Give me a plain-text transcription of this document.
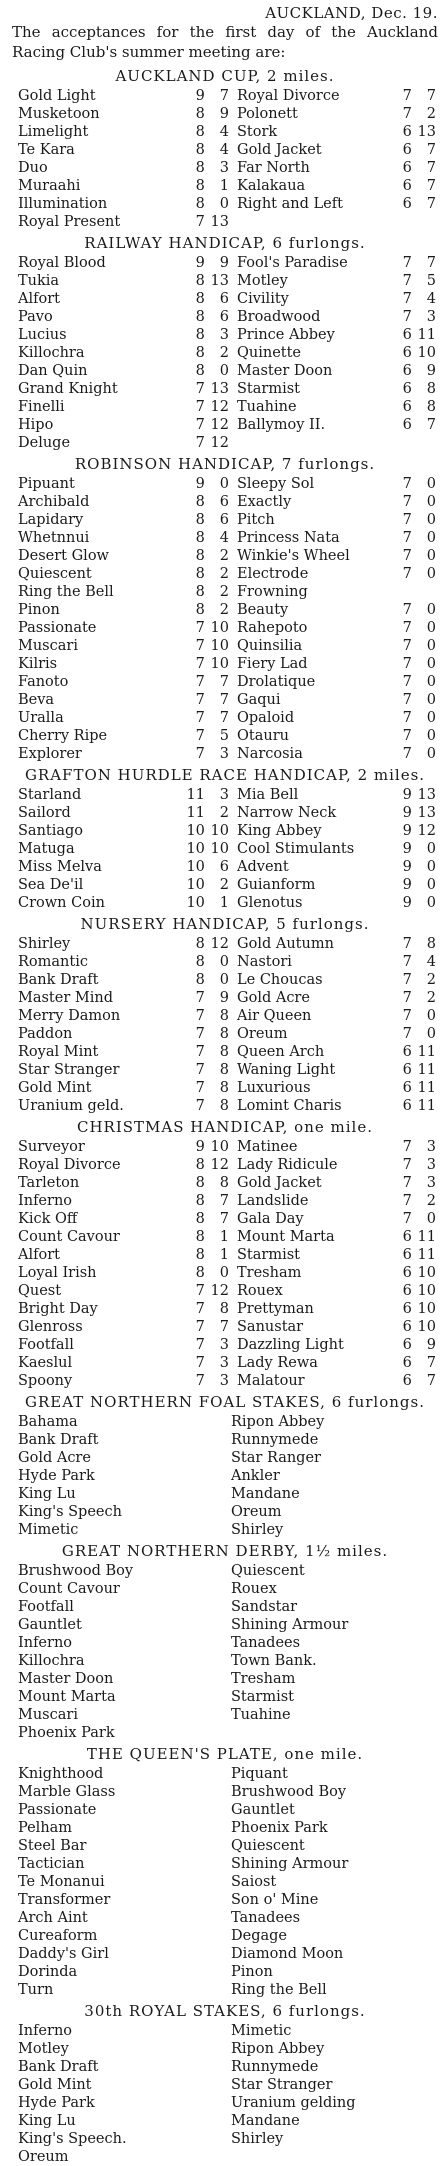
AUCKLAND, Dec. 19.

The acceptances for the first day of the Auckland Racing Club's summer meeting are:

AUCKLAND CUP, 2 miles.
Gold Light	9	7	Royal Divorce	7	7
Musketoon	8	9	Polonett	7	2
Limelight	8	4	Stork	6	13
Te Kara	8	4	Gold Jacket	6	7
Duo	8	3	Far North	6	7
Muraahi	8	1	Kalakaua	6	7
Illumination	8	0	Right and Left	6	7
Royal Present	7	13			
RAILWAY HANDICAP, 6 furlongs.
Royal Blood	9	9	Fool's Paradise	7	7
Tukia	8	13	Motley	7	5
Alfort	8	6	Civility	7	4
Pavo	8	6	Broadwood	7	3
Lucius	8	3	Prince Abbey	6	11
Killochra	8	2	Quinette	6	10
Dan Quin	8	0	Master Doon	6	9
Grand Knight	7	13	Starmist	6	8
Finelli	7	12	Tuahine	6	8
Hipo	7	12	Ballymoy II.	6	7
Deluge	7	12			
ROBINSON HANDICAP, 7 furlongs.
Pipuant	9	0	Sleepy Sol	7	0
Archibald	8	6	Exactly	7	0
Lapidary	8	6	Pitch	7	0
Whetnnui	8	4	Princess Nata	7	0
Desert Glow	8	2	Winkie's Wheel	7	0
Quiescent	8	2	Electrode	7	0
Ring the Bell	8	2	Frowning		
Pinon	8	2	Beauty	7	0
Passionate	7	10	Rahepoto	7	0
Muscari	7	10	Quinsilia	7	0
Kilris	7	10	Fiery Lad	7	0
Fanoto	7	7	Drolatique	7	0
Beva	7	7	Gaqui	7	0
Uralla	7	7	Opaloid	7	0
Cherry Ripe	7	5	Otauru	7	0
Explorer	7	3	Narcosia	7	0
GRAFTON HURDLE RACE HANDICAP, 2 miles.
Starland	11	3	Mia Bell	9	13
Sailord	11	2	Narrow Neck	9	13
Santiago	10	10	King Abbey	9	12
Matuga	10	10	Cool Stimulants	9	0
Miss Melva	10	6	Advent	9	0
Sea De'il	10	2	Guianform	9	0
Crown Coin	10	1	Glenotus	9	0
NURSERY HANDICAP, 5 furlongs.
Shirley	8	12	Gold Autumn	7	8
Romantic	8	0	Nastori	7	4
Bank Draft	8	0	Le Choucas	7	2
Master Mind	7	9	Gold Acre	7	2
Merry Damon	7	8	Air Queen	7	0
Paddon	7	8	Oreum	7	0
Royal Mint	7	8	Queen Arch	6	11
Star Stranger	7	8	Waning Light	6	11
Gold Mint	7	8	Luxurious	6	11
Uranium geld.	7	8	Lomint Charis	6	11
CHRISTMAS HANDICAP, one mile.
Surveyor	9	10	Matinee	7	3
Royal Divorce	8	12	Lady Ridicule	7	3
Tarleton	8	8	Gold Jacket	7	3
Inferno	8	7	Landslide	7	2
Kick Off	8	7	Gala Day	7	0
Count Cavour	8	1	Mount Marta	6	11
Alfort	8	1	Starmist	6	11
Loyal Irish	8	0	Tresham	6	10
Quest	7	12	Rouex	6	10
Bright Day	7	8	Prettyman	6	10
Glenross	7	7	Sanustar	6	10
Footfall	7	3	Dazzling Light	6	9
Kaeslul	7	3	Lady Rewa	6	7
Spoony	7	3	Malatour	6	7
GREAT NORTHERN FOAL STAKES, 6 furlongs.
Bahama	Ripon Abbey
Bank Draft	Runnymede
Gold Acre	Star Ranger
Hyde Park	Ankler
King Lu	Mandane
King's Speech	Oreum
Mimetic	Shirley
GREAT NORTHERN DERBY, 1½ miles.
Brushwood Boy	Quiescent
Count Cavour	Rouex
Footfall	Sandstar
Gauntlet	Shining Armour
Inferno	Tanadees
Killochra	Town Bank.
Master Doon	Tresham
Mount Marta	Starmist
Muscari	Tuahine
Phoenix Park	
THE QUEEN'S PLATE, one mile.
Knighthood	Piquant
Marble Glass	Brushwood Boy
Passionate	Gauntlet
Pelham	Phoenix Park
Steel Bar	Quiescent
Tactician	Shining Armour
Te Monanui	Saiost
Transformer	Son o' Mine
Arch Aint	Tanadees
Cureaform	Degage
Daddy's Girl	Diamond Moon
Dorinda	Pinon
Turn	Ring the Bell
30th ROYAL STAKES, 6 furlongs.
Inferno	Mimetic
Motley	Ripon Abbey
Bank Draft	Runnymede
Gold Mint	Star Stranger
Hyde Park	Uranium gelding
King Lu	Mandane
King's Speech.	Shirley
Oreum	
